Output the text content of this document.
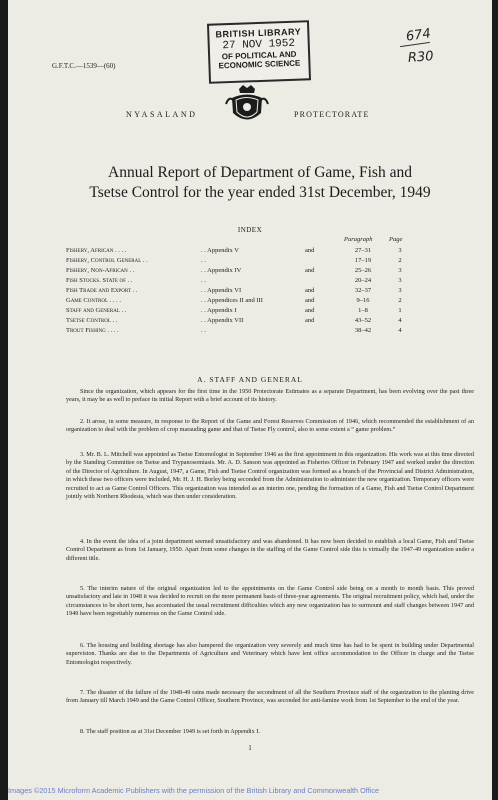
BRITISH LIBRARY
27 NOV 1952
OF POLITICAL AND
ECONOMIC SCIENCE
674
R30
G.F.T.C.—1539—(60)
NYASALAND	PROTECTORATE
Annual Report of Department of Game, Fish and
Tsetse Control for the year ended 31st December, 1949
INDEX
Paragraph	Page
Fishery, African . . . .	. . Appendix V	and	27–31	3
Fishery, Control General . .	. .	17–19	2
Fishery, Non-African . .	. . Appendix IV	and	25–26	3
Fish Stocks. State of . .	. .	20–24	3
Fish Trade and Export . .	. . Appendix VI	and	32–37	3
Game Control . . . .	. . Appendices II and III	and	9–16	2
Staff and General . .	. . Appendix I	and	1–8	1
Tsetse Control . .	. . Appendix VII	and	43–52	4
Trout Fishing . . . .	. .	38–42	4
A. STAFF AND GENERAL

Since the organization, which appears for the first time in the 1950 Protectorate Estimates as a separate Department, has been evolving over the past three years, it may be as well to preface its initial Report with a brief account of its history.

2. It arose, in some measure, in response to the Report of the Game and Forest Reserves Commission of 1946, which recommended the establishment of an organization to deal with the problem of crop marauding game and that of Tsetse Fly control, also to some extent a “ game problem.”

3. Mr. B. L. Mitchell was appointed as Tsetse Entomologist in September 1946 as the first appointment in this organization. His work was at this time directed by the Standing Committee on Tsetse and Trypanosomiasis. Mr. A. D. Sanson was appointed as Fisheries Officer in February 1947 and worked under the direction of the Director of Agriculture. In August, 1947, a Game, Fish and Tsetse Control organization was formed as a branch of the Provincial and District Administration, in which these two officers were included, Mr. H. J. H. Borley being seconded from the Administration to administer the new organization. Temporary officers were recruited to act as Game Control Officers. This organization was intended as an interim one, pending the formation of a Game, Fish and Tsetse Control Department jointly with Northern Rhodesia, which was then under consideration.

4. In the event the idea of a joint department seemed unsatisfactory and was abandoned. It has now been decided to establish a local Game, Fish and Tsetse Control Department as from 1st January, 1950. Apart from some changes in the staffing of the Game Control side this is virtually the 1947-49 organization under a different title.

5. The interim nature of the original organization led to the appointments on the Game Control side being on a month to month basis. This proved unsatisfactory and late in 1948 it was decided to recruit on the more permanent basis of three-year agreements. The original recruitment policy, which had, under the circumstances to be short term, has accentuated the usual recruitment difficulties which any new organization has to surmount and staff changes between 1947 and 1949 have been regrettably numerous on the Game Control side.

6. The housing and building shortage has also hampered the organization very severely and much time has had to be spent in building under Departmental supervision. Thanks are due to the Departments of Agriculture and Veterinary which have lent office accommodation to the Officer in charge and the Tsetse Entomologist respectively.

7. The disaster of the failure of the 1948-49 rains made necessary the secondment of all the Southern Province staff of the organization to the planting drive from January till March 1949 and the Game Control Officer, Southern Province, was seconded for anti-famine work from 1st September to the end of the year.

8. The staff position as at 31st December 1949 is set forth in Appendix I.

1
Images ©2015 Microform Academic Publishers with the permission of the British Library and Commonwealth Office
